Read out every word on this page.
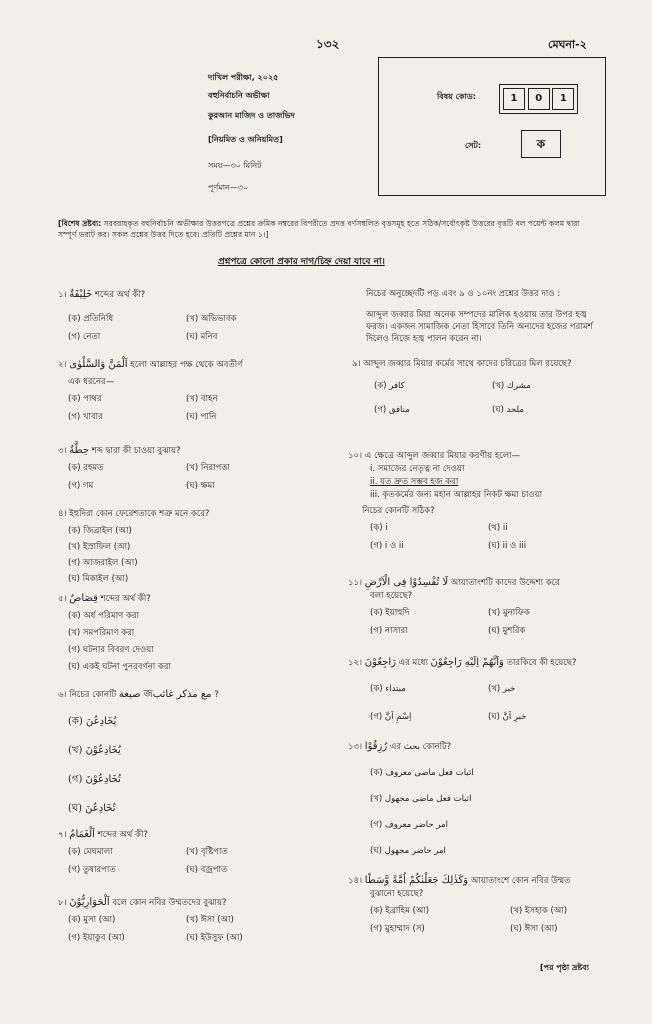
১৩২	মেঘনা-২
দাখিল পরীক্ষা, ২০২৫
বহুনির্বাচনি অভীক্ষা
কুরআন মাজিদ ও তাজভিদ
[নিয়মিত ও অনিয়মিত]
সময়—৩০ মিনিট
পূর্ণমান—৩০
বিষয় কোড:	1 0 1
সেট:	ক
[বিশেষ দ্রষ্টব্য: সরবরাহকৃত বহুনির্বাচনি অভীক্ষার উত্তরপত্রে প্রশ্নের ক্রমিক নম্বরের বিপরীতে প্রদত্ত বর্ণসম্বলিত বৃত্তসমূহ হতে সঠিক/সর্বোৎকৃষ্ট উত্তরের বৃত্তটি বল পয়েন্ট কলম দ্বারা সম্পূর্ণ ভরাট কর। সকল প্রশ্নের উত্তর দিতে হবে। প্রতিটি প্রশ্নের মান ১।]
প্রশ্নপত্রে কোনো প্রকার দাগ/চিহ্ন দেয়া যাবে না।
১। خَلِيْفَةٌ শব্দের অর্থ কী?
(ক) প্রতিনিধি	(খ) অভিভাবক
(গ) নেতা	(ঘ) মনিব
২। اَلْمَنَّ وَالسَّلْوٰى হলো আল্লাহর পক্ষ থেকে অবতীর্ণ
এক ধরনের—
(ক) পাথর	(খ) বাহন
(গ) খাবার	(ঘ) পানি
৩। حِطَّةٌ শব্দ দ্বারা কী চাওয়া বুঝায়?
(ক) রহমত	(খ) নিরাপত্তা
(গ) গম	(ঘ) ক্ষমা
৪। ইহুদিরা কোন ফেরেশতাকে শত্রু মনে করে?
(ক) জিব্রাইল (আ)
(খ) ইস্রাফিল (আ)
(গ) আজরাইল (আ)
(ঘ) মিকাইল (আ)
৫। قِصَاصٌ শব্দের অর্থ কী?
(ক) অর্ধ পরিমাণ করা
(খ) সমপরিমাণ করা
(গ) ঘটনার বিবরণ দেওয়া
(ঘ) একই ঘটনা পুনরবর্ণনা করা
৬। নিচের কোনটি صيغة জمع مذكر غائب ?
(ক) يُخَادِعُنَ
(খ) يُخَادِعُوْنَ
(গ) تُخَادِعُوْنَ
(ঘ) تُخَادِعُنَ
৭। اَلْغَمَامُ শব্দের অর্থ কী?
(ক) মেঘমালা	(খ) বৃষ্টিপাত
(গ) তুষারপাত	(ঘ) বজ্রপাত
৮। اَلْحَوَارِيُّوْنَ বলে কোন নবির উম্মতদের বুঝায়?
(ক) মুসা (আ)	(খ) ঈসা (আ)
(গ) ইয়াকুব (আ)	(ঘ) ইউসুফ (আ)
নিচের অনুচ্ছেদটি পড় এবং ৯ ও ১০নং প্রশ্নের উত্তর দাও :
আব্দুল জব্বার মিয়া অনেক সম্পদের মালিক হওয়ায় তার উপর হজ্ব ফরজ। একজন সামাজিক নেতা হিসাবে তিনি অন্যদের হজের পরামর্শ দিলেও নিজে হজ্ব পালন করেন না।
৯। আব্দুল জব্বার মিয়ার কর্মের সাথে কাদের চরিত্রের মিল রয়েছে?
(ক) كافر	(খ) مشرك
(গ) منافق	(ঘ) ملحد
১০। এ ক্ষেত্রে আব্দুল জব্বার মিয়ার করণীয় হলো—
i. সমাজের নেতৃত্ব না দেওয়া
ii. যত দ্রুত সম্ভব হজ করা
iii. কৃতকর্মের জন্য মহান আল্লাহর নিকট ক্ষমা চাওয়া
নিচের কোনটি সঠিক?
(ক) i	(খ) ii
(গ) i ও ii	(ঘ) ii ও iii
১১। لَا تُفْسِدُوْا فِى الْاَرْضِ আয়াতাংশটি কাদের উদ্দেশ্য করে
বলা হয়েছে?
(ক) ইয়াহুদি	(খ) মুনাফিক
(গ) নাসারা	(ঘ) মুশরিক
১২। رَاجِعُوْنَ এর মধ্যে وَاَنَّهُمْ اِلَيْهِ رَاجِعُوْنَ তারকিবে কী হয়েছে?
(ক) مبتداء	(খ) خبر
(গ) اِسْمِ اَنَّ	(ঘ) خبرِ اَنَّ
১৩। رُزِقُوْا এর بحث কোনটি?
(ক) اثبات فعل ماضى معروف
(খ) اثبات فعل ماضى مجهول
(গ) امر حاضر معروف
(ঘ) امر حاضر مجهول
১৪। وَكَذٰلِكَ جَعَلْنٰكُمْ اُمَّةً وَّسَطًا আয়াতাংশে কোন নবির উম্মত
বুঝানো হয়েছে?
(ক) ইব্রাহিম (আ)	(খ) ইসহাক (আ)
(গ) মুহাম্মাদ (স)	(ঘ) ঈসা (আ)
[পর পৃষ্ঠা দ্রষ্টব্য
